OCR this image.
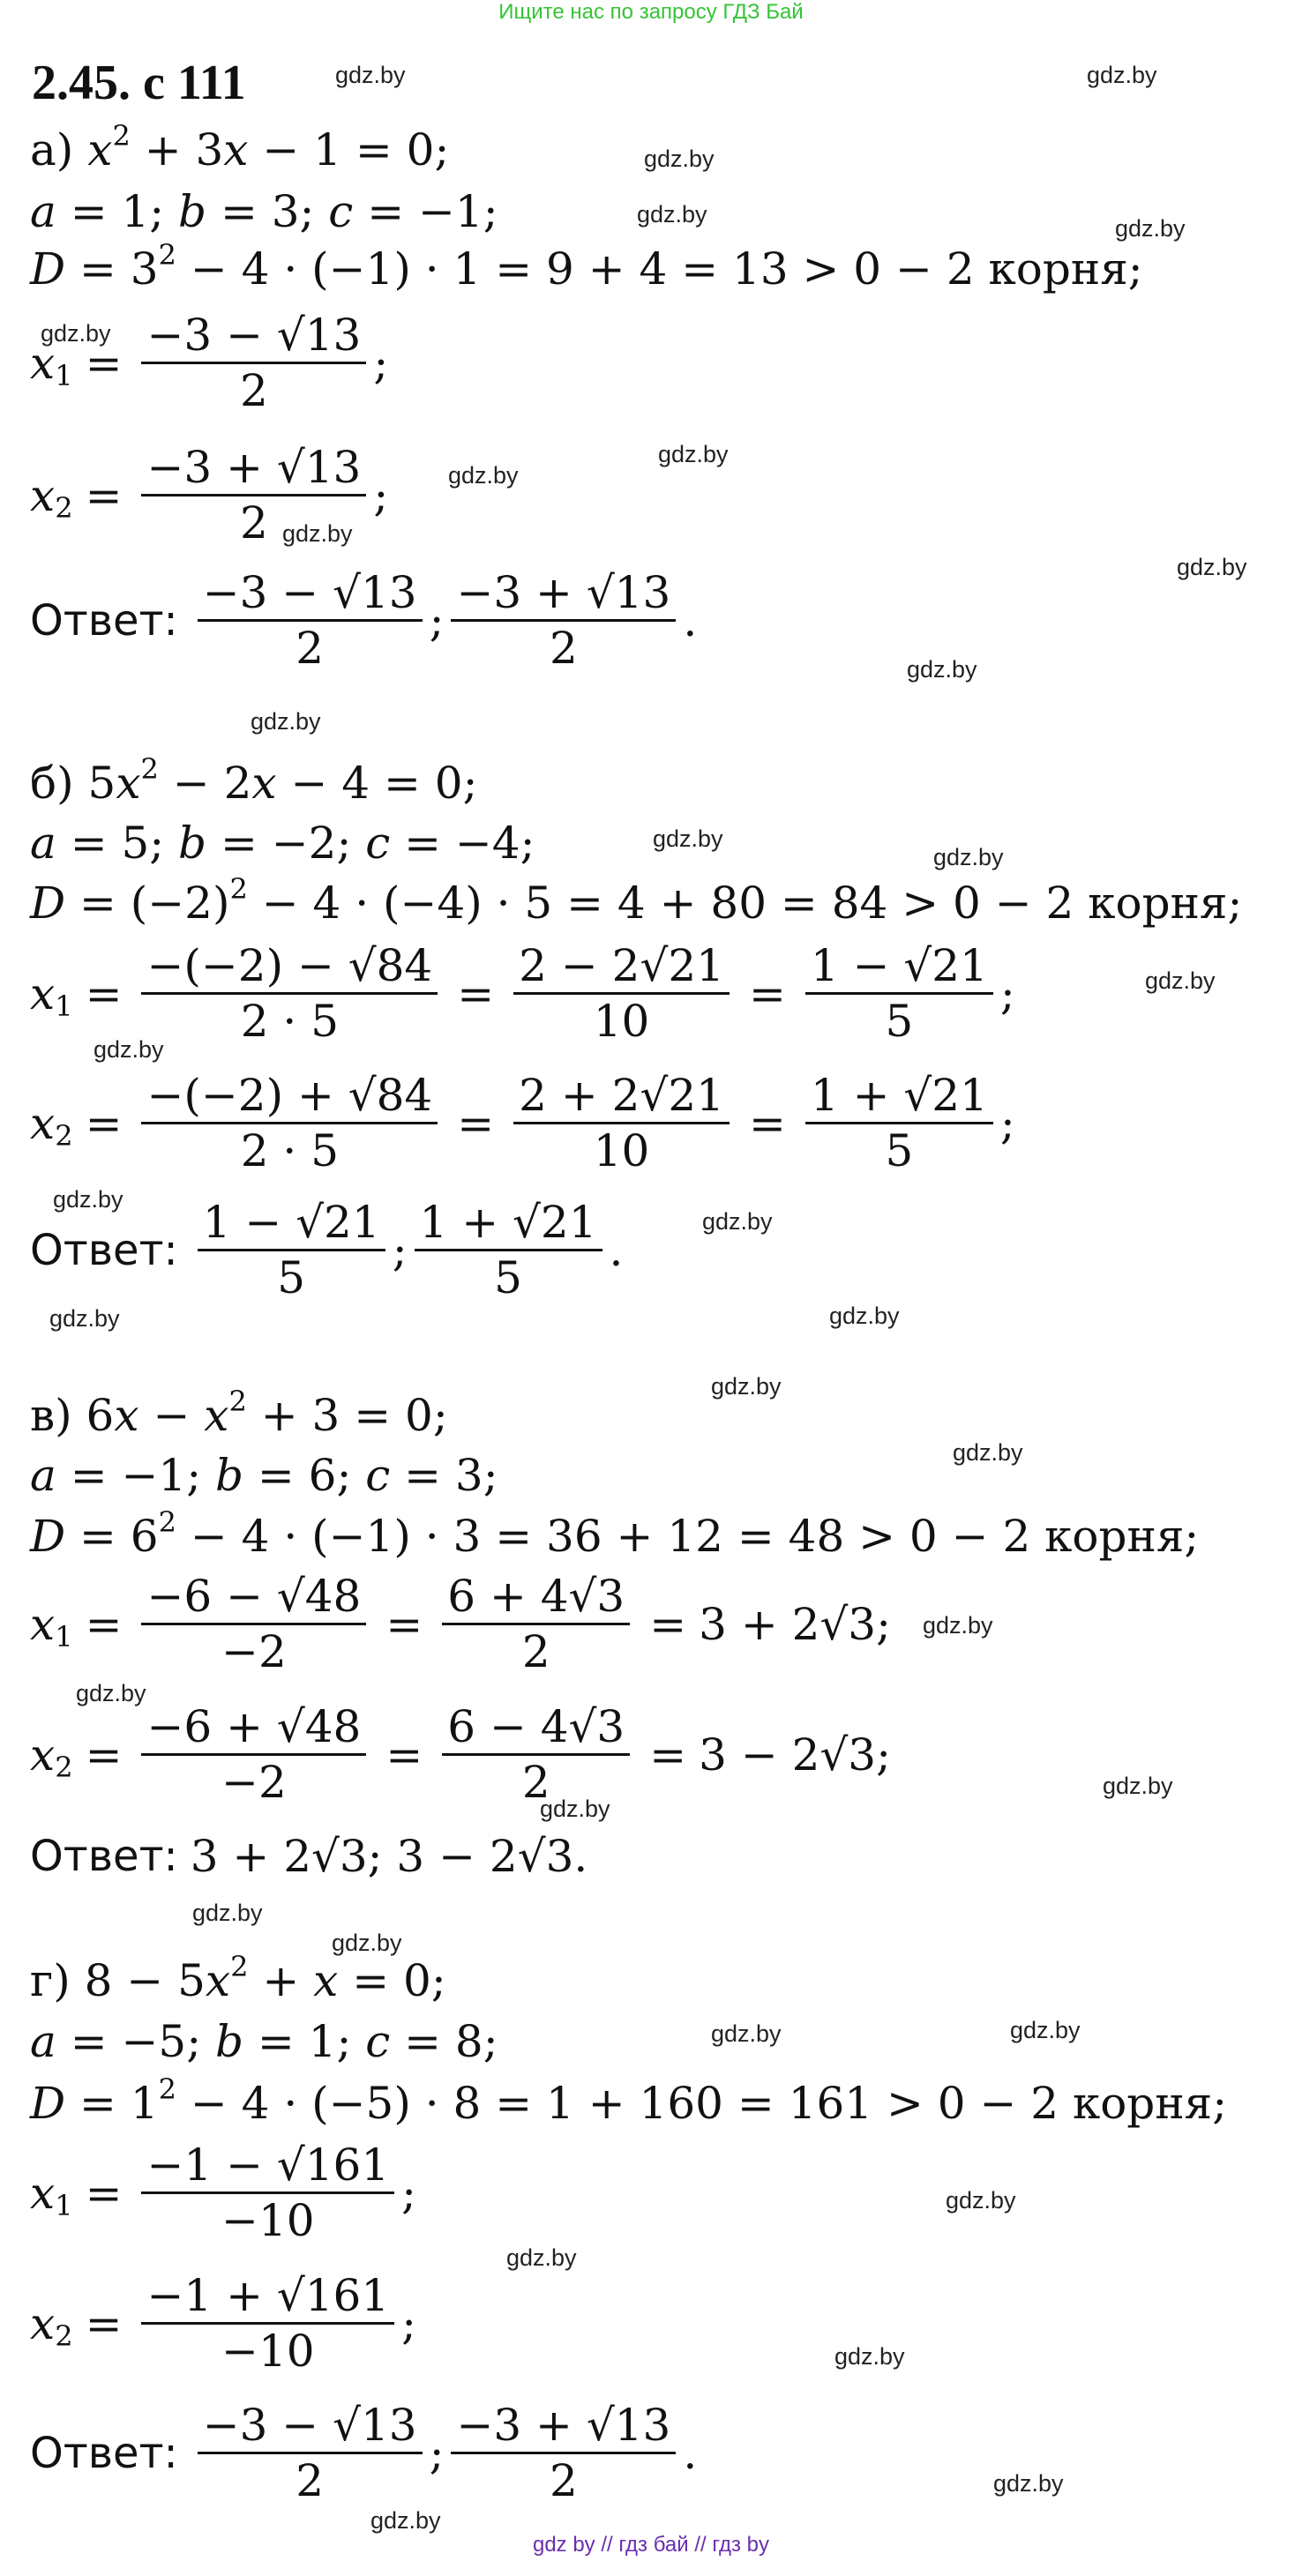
Ищите нас по запросу ГДЗ Бай
gdz.by	gdz.by
gdz.by
gdz.by
gdz.by
gdz.by
gdz.by
gdz.by
gdz.by
gdz.by
gdz.by
gdz.by
gdz.by
gdz.by
gdz.by
gdz.by
gdz.by
gdz.by
gdz.by	gdz.by
gdz.by
gdz.by
gdz.by
gdz.by
gdz.by
gdz.by
gdz.by
gdz.by
gdz.by	gdz.by
gdz.by
gdz.by
gdz.by
gdz.by
gdz.by
2.45. с 111
а) $x^2 + 3x - 1 = 0$;
a = 1; b = 3; c = −1;
$D = 3^2 - 4 \cdot (-1) \cdot 1 = 9 + 4 = 13 > 0 - 2$ корня;
x $1 = \frac{-3 - √13}{2}$ ;
x $2 = \frac{-3 + √13}{2}$ ;
Ответ: $\frac{-3 - √13}{2}$ ; $\frac{-3 + √13}{2}$ .
б) $5x^2 - 2x - 4 = 0$;
a = 5; b = −2; c = −4;
$D = (-2)^2 - 4 \cdot (-4) \cdot 5 = 4 + 80 = 84 > 0 - 2$ корня;
x $1 = \frac{-(-2) - √84}{2 \cdot 5} = \frac{2 - 2√21}{10} = \frac{1 - √21}{5}$ ;
x $2 = \frac{-(-2) + √84}{2 \cdot 5} = \frac{2 + 2√21}{10} = \frac{1 + √21}{5}$ ;
Ответ: $\frac{1 - √21}{5}$ ; $\frac{1 + √21}{5}$ .
в) $6x - x^2 + 3 = 0$;
a = −1; b = 6; c = 3;
$D = 6^2 - 4 \cdot (-1) \cdot 3 = 36 + 12 = 48 > 0 - 2$ корня;
x $1 = \frac{-6 - √48}{-2} = \frac{6 + 4√3}{2} = 3 + 2√3$;
x $2 = \frac{-6 + √48}{-2} = \frac{6 - 4√3}{2} = 3 - 2√3$;
Ответ: 3 + 2√3; 3 − 2√3.
г) $8 - 5x^2 + x = 0$;
a = −5; b = 1; c = 8;
$D = 1^2 - 4 \cdot (-5) \cdot 8 = 1 + 160 = 161 > 0 - 2$ корня;
x $1 = \frac{-1 - √161}{-10}$ ;
x $2 = \frac{-1 + √161}{-10}$ ;
Ответ: $\frac{-3 - √13}{2}$ ; $\frac{-3 + √13}{2}$ .
gdz by // гдз бай // гдз by
